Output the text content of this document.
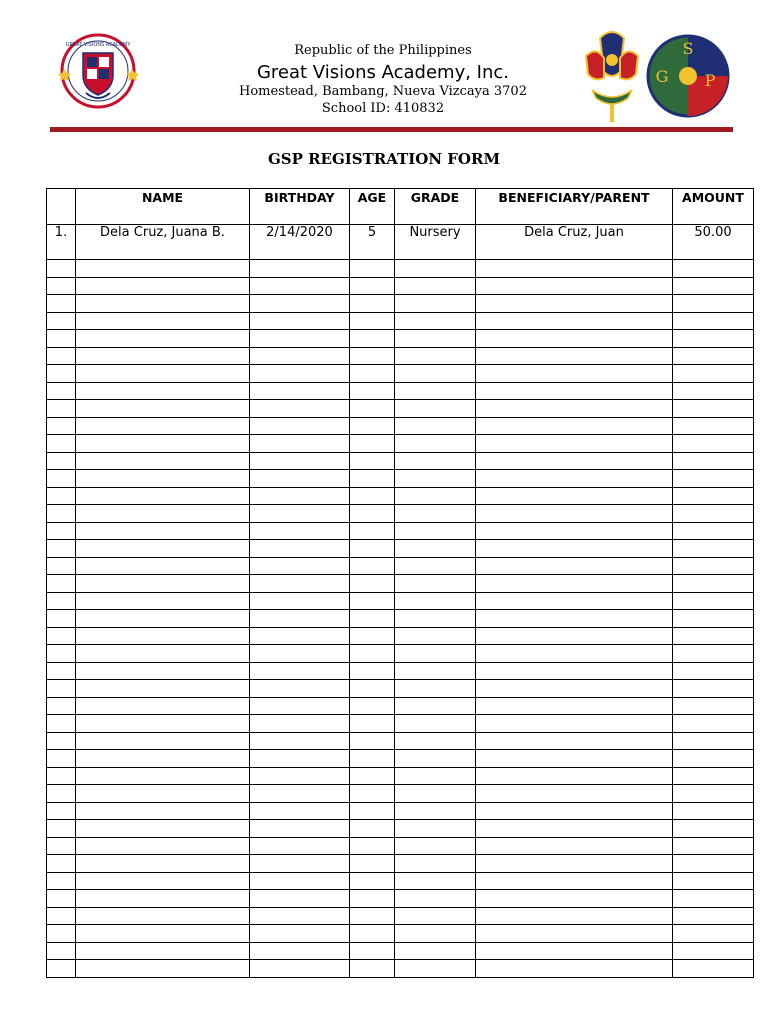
GREAT VISIONS ACADEMY	Republic of the Philippines
Great Visions Academy, Inc.
Homestead, Bambang, Nueva Vizcaya 3702
School ID: 410832
S
G P
GSP REGISTRATION FORM
	NAME	BIRTHDAY	AGE	GRADE	BENEFICIARY/PARENT	AMOUNT
1.	Dela Cruz, Juana B.	2/14/2020	5	Nursery	Dela Cruz, Juan	50.00
